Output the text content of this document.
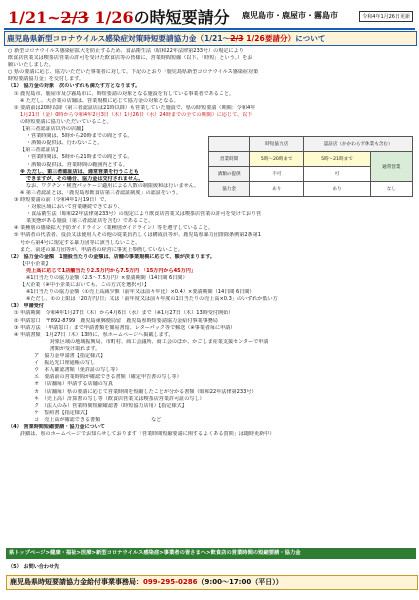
1/21~2/3 1/26の時短要請分 鹿児島市・鹿屋市・霧島市	令和4年1月26日更新
鹿児島県新型コロナウイルス感染症対策時短要請協力金（1/21～2/3 1/26要請分）について
○ 新型コロナウイルス感染症拡大を防止するため、食品衛生法（昭和22年法律第233号）の規定により
飲食店営業又は喫茶店営業の許可を受けた飲食店等の皆様に、営業時間短縮（以下、「時短」という。）をお
願いいたしました。
○ 県の要請に応じ、協力いただいた事業者に対して、下記のとおり「鹿児島県新型コロナウイルス感染症対策
時短要請協力金」を交付します。
（1） 協力金の対象　次のいずれも満たす方となります。
① 鹿児島市、鹿屋市及び霧島市に、時短要請の対象となる施設を有している事業者であること。
※ ただし、大企業の店舗は、営業規模に応じて協力金の対象となる。
② 要請前は20時以降（第三者認証店は21時以降）も営業していた施設で、県の時短要請（期間：令和4年
1月21日（金）0時から令和4年2月3日（木）1月26日（水）24時までの全ての期間）に応じて、以下
の時短要請に協力いただいていること。
【第三者認証店以外の店舗】
・営業時間は、5時から20時までの間とする。
・酒類の提供は、行わないこと。
【第三者認証店】
・営業時間は、5時から21時までの間とする。
・酒類の提供は、営業時間の範囲内とする。
※ ただし、第三者認証店は、通常営業を行うことも
できますが、その場合、協力金は交付されません。
なお、ワクチン・検査パッケージ適用による人数の制限緩和は行いません。
※ 第三者認証とは、「鹿児島県飲食店第三者認証制度」の認証をいう。
③ 時短要請の前（令和4年1月19日）で、
・対象区域において営業継続できており、
・食品衛生法（昭和22年法律第233号）の規定により飲食店営業又は喫茶店営業の許可を受けており営
業実態がある施設（第三者認証店を含む）であること。
④ 業種別の感染拡大予防ガイドライン（業種別ガイドライン）等を遵守していること。
⑤ 申請者の代表者、役員又は使用人その他の従業員若しくは構成員等が、鹿児島県暴力団排除条例第2条第1
号から第4号に規定する暴力団等に該当しないこと。
また、前述の暴力団等が、申請者の経営に事実上参画していないこと。
（2） 協力金の金額　1施設当たりの金額は、店舗の事業規模に応じて、額が決まります。
【中小企業】
売上高に応じて1店舗当たり2.5万円から7.5万円 「15万円から45万円」
※1日当たりの協力金額（2.5～7.5万円）×要請期間（14日間 6日間）
【大企業（※中小企業においても、この方式を選択可）】
※1日当たりの協力金額（①売上高減少額（前年又は前々年比）×0.4）×要請期間（14日間 6日間）
※ただし、①の上限は「20万円/日」又は「前年度又は前々年度の1日当たりの売上高×0.3」のいずれか低い方
（3） 申請受付
① 申請期間　令和4年1月27日（木）から4月6日（水）まで（※1月27日（木）13時受付開始）
② 申請窓口　〒892-8799　鹿児島東郵便局留　鹿児島県時短要請協力金給付事業事務局
③ 申請方法　「申請窓口」まで申請書類を簡易書留、レターパック等で郵送（※事業者毎に申請）
④ 申請書類　1月27日（木）13時に、県ホームページへ掲載します。
　　　　　　　対象区域の地域振興局、市町村、商工会議所、商工会のほか、かごしま産業支援センターで申請
　　　　　　　書類が受け取れます。
ア　協力金申請書【指定様式】
イ　振込先口座通帳の写し
ウ　本人確認書類（免許証の写し等）
エ　要請前の営業時間が確認できる書類（確定申告書の写し等）
オ　（店舗毎）申請する店舗の写真
カ　（店舗毎）県の要請に応じて営業時間を短縮したことが分かる書類（昭和22年法律第233号）
キ　（売上高）計算書の写し等（飲食店営業又は喫茶店営業許可証の写し）
ク　（法人のみ）営業時間短縮確認書（時短協力店用）【指定様式】
ケ　誓約書【指定様式】
コ　売上高が確認できる書類　　　　　　　　　　など
（4） 営業時間短縮要請・協力金について
詳細は、県のホームページでお知らせしております「営業時間短縮要請に関するよくある質問」は随時更新中）
	時短協力店	認証店（かかわらず休業も含む）	
営業時間	5時～20時まで	5時～21時まで	通常営業
酒類の提供	不可	可	
協力金	あり	あり	なし
県トップページ>健康・福祉>医療>新型コロナウイルス感染症>事業者の皆さまへ>飲食店の営業時間の短縮要請・協力金
（5） お問い合わせ先
鹿児島県時短要請協力金給付事業事務局：099-295-0286（9:00～17:00（平日））
